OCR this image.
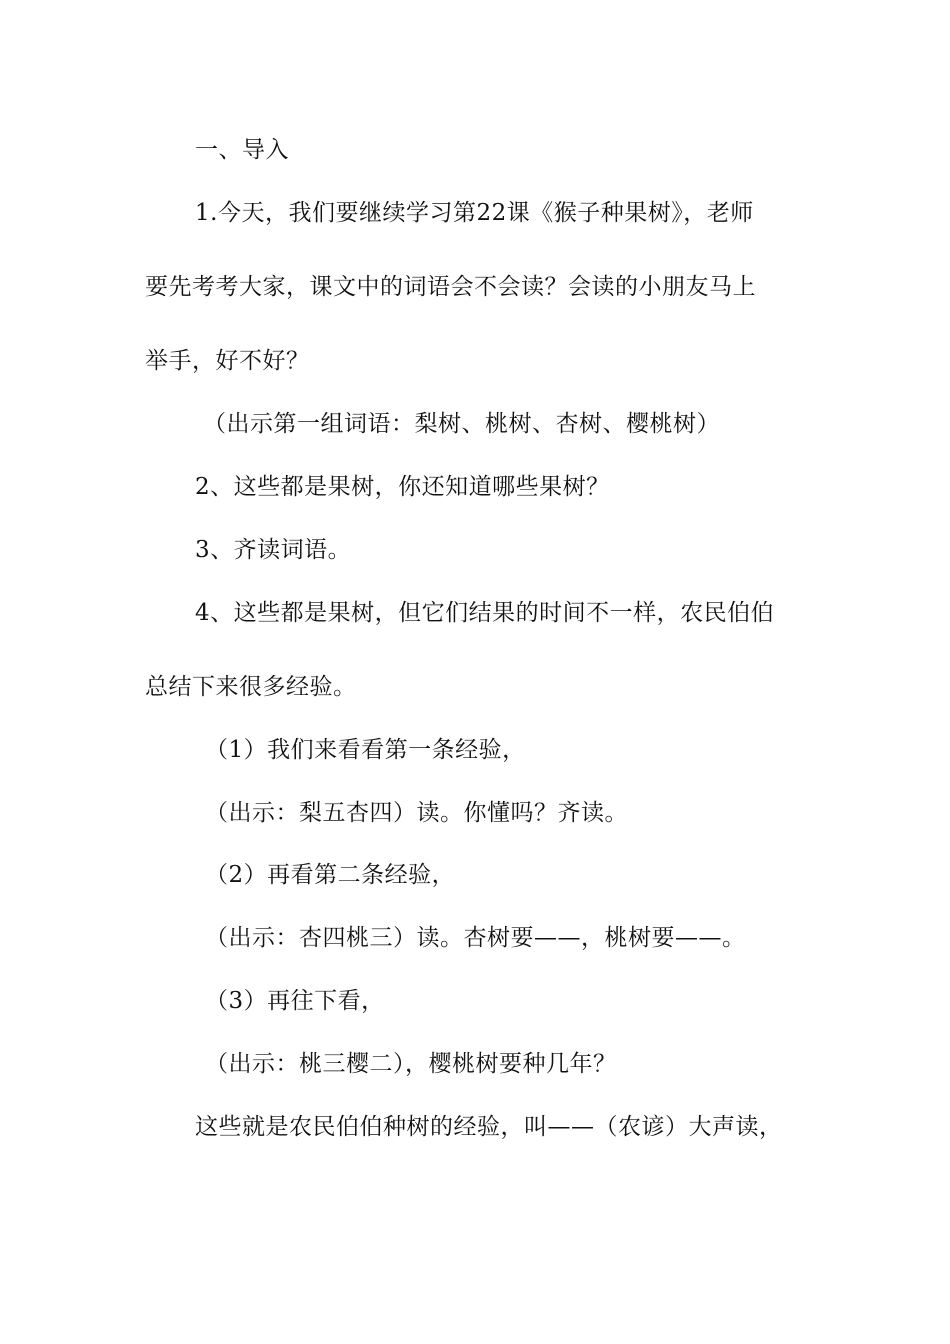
一、导入
1.今天，我们要继续学习第22课《猴子种果树》，老师
要先考考大家，课文中的词语会不会读？会读的小朋友马上
举手，好不好？
（出示第一组词语：梨树、桃树、杏树、樱桃树）
2、这些都是果树，你还知道哪些果树？
3、齐读词语。
4、这些都是果树，但它们结果的时间不一样，农民伯伯
总结下来很多经验。
（1）我们来看看第一条经验，
（出示：梨五杏四）读。你懂吗？齐读。
（2）再看第二条经验，
（出示：杏四桃三）读。杏树要——，桃树要——。
（3）再往下看，
（出示：桃三樱二），樱桃树要种几年？
这些就是农民伯伯种树的经验，叫——（农谚）大声读，
